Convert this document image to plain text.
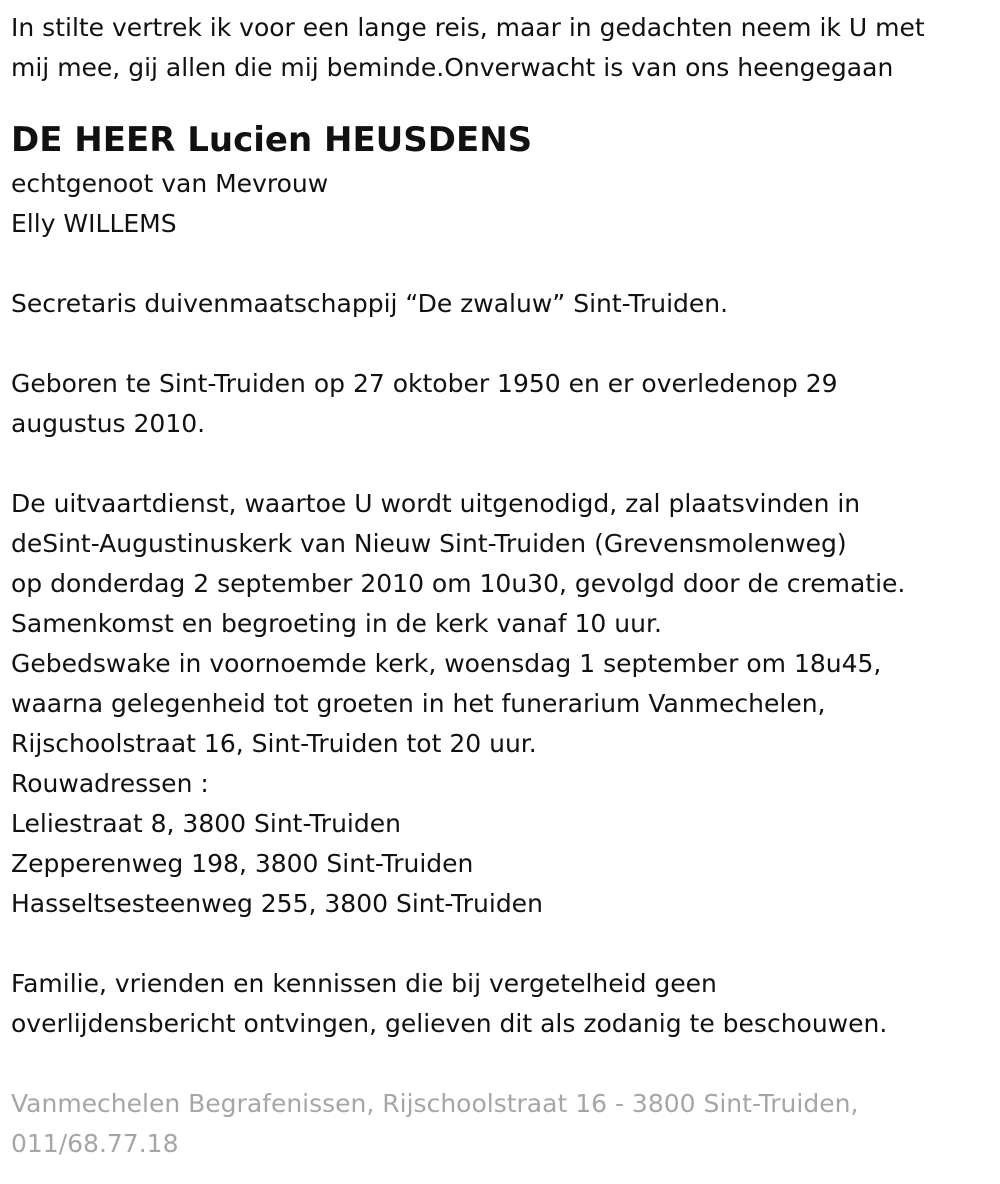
In stilte vertrek ik voor een lange reis, maar in gedachten neem ik U met

mij mee, gij allen die mij beminde.Onverwacht is van ons heengegaan

DE HEER Lucien HEUSDENS

echtgenoot van Mevrouw

Elly WILLEMS

Secretaris duivenmaatschappij “De zwaluw” Sint-Truiden.

Geboren te Sint-Truiden op 27 oktober 1950 en er overledenop 29

augustus 2010.

De uitvaartdienst, waartoe U wordt uitgenodigd, zal plaatsvinden in

deSint-Augustinuskerk van Nieuw Sint-Truiden (Grevensmolenweg)

op donderdag 2 september 2010 om 10u30, gevolgd door de crematie.

Samenkomst en begroeting in de kerk vanaf 10 uur.

Gebedswake in voornoemde kerk, woensdag 1 september om 18u45,

waarna gelegenheid tot groeten in het funerarium Vanmechelen,

Rijschoolstraat 16, Sint-Truiden tot 20 uur.

Rouwadressen :

Leliestraat 8, 3800 Sint-Truiden

Zepperenweg 198, 3800 Sint-Truiden

Hasseltsesteenweg 255, 3800 Sint-Truiden

Familie, vrienden en kennissen die bij vergetelheid geen

overlijdensbericht ontvingen, gelieven dit als zodanig te beschouwen.

Vanmechelen Begrafenissen, Rijschoolstraat 16 - 3800 Sint-Truiden,

011/68.77.18
